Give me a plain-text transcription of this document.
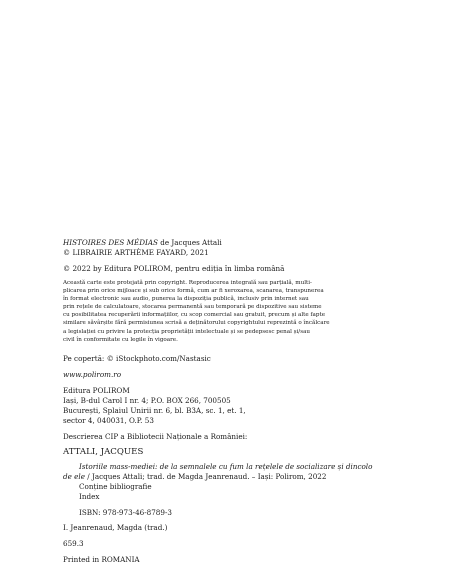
HISTOIRES DES MÉDIAS de Jacques Attali
© LIBRAIRIE ARTHÈME FAYARD, 2021
© 2022 by Editura POLIROM, pentru ediția în limba română
Această carte este protejată prin copyright. Reproducerea integrală sau parțială, multi-
plicarea prin orice mijloace și sub orice formă, cum ar fi xeroxarea, scanarea, transpunerea
în format electronic sau audio, punerea la dispoziția publică, inclusiv prin internet sau
prin rețele de calculatoare, stocarea permanentă sau temporară pe dispozitive sau sisteme
cu posibilitatea recuperării informațiilor, cu scop comercial sau gratuit, precum și alte fapte
similare săvârșite fără permisiunea scrisă a deținătorului copyrightului reprezintă o încălcare
a legislației cu privire la protecția proprietății intelectuale și se pedepsesc penal și/sau
civil în conformitate cu legile în vigoare.
Pe copertă: © iStockphoto.com/Nastasic
www.polirom.ro
Editura POLIROM
Iași, B-dul Carol I nr. 4; P.O. BOX 266, 700505
București, Splaiul Unirii nr. 6, bl. B3A, sc. 1, et. 1,
sector 4, 040031, O.P. 53
Descrierea CIP a Bibliotecii Naționale a României:
ATTALI, JACQUES
Istoriile mass-mediei: de la semnalele cu fum la rețelele de socializare și dincolo
de ele / Jacques Attali; trad. de Magda Jeanrenaud. – Iași: Polirom, 2022
Conține bibliografie
Index
ISBN: 978-973-46-8789-3
I. Jeanrenaud, Magda (trad.)
659.3
Printed in ROMANIA
